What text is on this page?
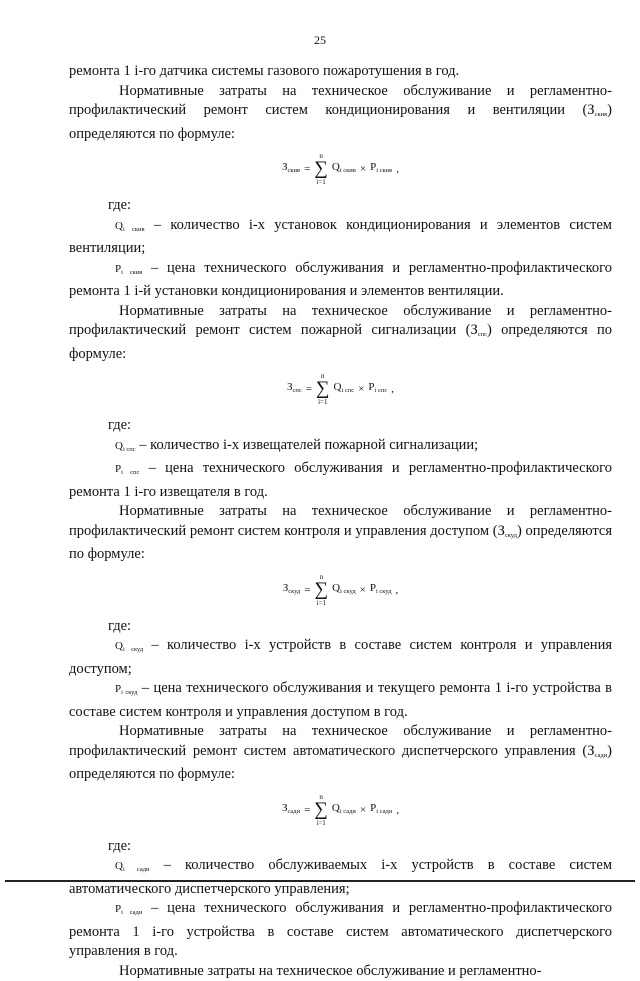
25

ремонта 1 i-го датчика системы газового пожаротушения в год.

Нормативные затраты на техническое обслуживание и регламентно-профилактический ремонт систем кондиционирования и вентиляции $(З_{скив})$ определяются по формуле:

$З_{скив}$ =
n
∑
i=1
$Q_{i скив} \times P_{i скив}$ ,

где:

$Q_{i скив}$ – количество i-х установок кондиционирования и элементов систем вентиляции;

$P_{i скив}$ – цена технического обслуживания и регламентно-профилактического ремонта 1 i-й установки кондиционирования и элементов вентиляции.

Нормативные затраты на техническое обслуживание и регламентно-профилактический ремонт систем пожарной сигнализации $(З_{спс})$ определяются по формуле:

$З_{спс}$ =
n
∑
i=1
$Q_{i спс} \times P_{i спс}$ ,

где:

$Q_{i спс}$ – количество i-х извещателей пожарной сигнализации;

$P_{i спс}$ – цена технического обслуживания и регламентно-профилактического ремонта 1 i-го извещателя в год.

Нормативные затраты на техническое обслуживание и регламентно-профилактический ремонт систем контроля и управления доступом $(З_{скуд})$ определяются по формуле:

$З_{скуд}$ =
n
∑
i=1
$Q_{i скуд} \times P_{i скуд}$ ,

где:

$Q_{i скуд}$ – количество i-х устройств в составе систем контроля и управления доступом;

$P_{i скуд}$ – цена технического обслуживания и текущего ремонта 1 i-го устройства в составе систем контроля и управления доступом в год.

Нормативные затраты на техническое обслуживание и регламентно-профилактический ремонт систем автоматического диспетчерского управления $(З_{сади})$ определяются по формуле:

$З_{сади}$ =
n
∑
i=1
$Q_{i сади} \times P_{i сади}$ ,

где:

$Q_{i сади}$ – количество обслуживаемых i-х устройств в составе систем автоматического диспетчерского управления;

$P_{i сади}$ – цена технического обслуживания и регламентно-профилактического ремонта 1 i-го устройства в составе систем автоматического диспетчерского управления в год.

Нормативные затраты на техническое обслуживание и регламентно-
